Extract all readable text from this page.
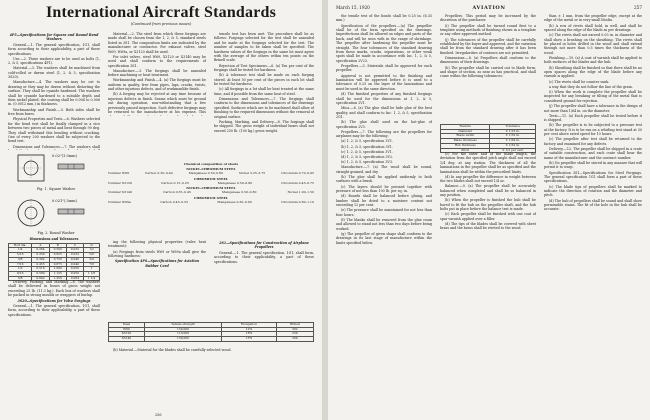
International Aircraft Standards
(Continued from previous issues)

4P5—Specifications for Square and Round Bend Washers

General.—1. The general specification, 1G1, shall form according to their applicability, a part of these specifications.

Use.—2. These washers are to be used as bolts (1, 2, & 5, specifications 4P1).

Material.—3. The washers shall be machined from cold-rolled or drawn steel (1, 2, & 5, specification 3S20).

Manufacture.—4. The washers may be cut to drawing or they may be drawn without distorting the surface. They shall be cyanide hardened. The washers shall be cyanide hardened to a suitable depth and then nickel plated; the coating shall be 0.004 to 0.006 in. (0.0012 mm.) in thickness.

Workmanship and Finish.—5. Both sides shall be free from burrs.

Physical Properties and Tests.—6. Washers selected for the bend test shall be finally clamped in a vice between two pieces of metal and bent through 90 deg. They shall withstand this bending without cracking. One of every 200 washers shall be subjected to the bend test.

Dimensions and Tolerances.—7. The washers shall

0.02"(1.0mm)
Fig. 1. Square Washer
0.021"(.5mm)
Fig. 2. Round Washer
Dimensions and Tolerances
Bolt dia.	A	B	C	D
1/4	0.264	0.500	0.032	1/2
5/16	0.330	0.625	0.032	5/8
3/8	0.392	0.750	0.040	3/4
7/16	0.455	0.875	0.040	7/8
1/2	0.518	1.000	0.050	1
9/16	0.580	1.125	0.050	1 1/8
5/8	0.642	1.250	0.064	1 1/4

Delivery, Packing, and Marking.—8. The washers shall be delivered in boxes of gross weight not exceeding 25 lb. (11.3 kg.). Each box of washers shall be packed in strong moulds or wrappers of burlap.

3S20—Specifications for Valve Forgings

General.—1. The general specification, 1G1, shall form, according to their applicability, a part of these specifications.

Material.—2. The steel from which these forgings are made shall be chosen from the 1, 2, & 5, standard steels listed in 3S1. The composition limits are indicated by the manufacturer or contractor. For exhaust valves, steel W69, W69a, or X3120 shall be used.

For inlet valves, steel W69, X3120 or X3140 may be used and shall conform to the requirements of specification 3S1.

Manufacture.—3. The forgings shall be annealed before machining or heat treatment.

Workmanship and Finish.—4. (a) The forgings must be uniform in quality, free from pipes, laps, cracks, twists, and other injurious defects, and of workmanlike finish.

(b) A forging may be rejected at any time because of injurious defects in finish. Seams which must be ground out during operation, non-withstanding that a few previously passed inspection. Such defective forgings may be returned to the manufacturer at his expense. This

Chemical composition of steels
NICKEL-CHROMIUM STEEL
Number W69	Carbon 0.30–0.40	Manganese 0.50–0.80	Nickel 3.25–3.75	Chromium 0.70–0.95
CHROMIUM STEEL
Number X3120	Carbon 0.15–0.25	Manganese 0.50–0.80	Chromium 0.45–0.75
NICKEL-CHROMIUM STEEL
Number X3140	Carbon 0.35–0.45	Manganese 0.50–0.80	Nickel 1.00–1.50
CHROMIUM STEEL
Number W69a	Carbon 0.45–0.55	Manganese 0.30–0.60	Chromium 0.80–1.10

ing the following physical properties (valve heat treatment):

(a) Forgings from steels W69 or W69a shall give the following hardness:

Specification 4PS—Specifications for Aviation Rubber Cord

tensile test has been met. The procedure shall be as follows: Forgings selected for the test shall be annealed and be made at the forgings selected for the test. The number of samples to be taken shall be specified. The hardness values of the forgings in the same lot must agree with the average of the others within ten points on the Brinell scale.

Rejection of Test Specimens.—6. (a) Ten per cent of the forgings shall be tested for hardness.

(b) A tolerance test shall be made on each forging stored. At least 50 per cent of the pieces in each lot shall be tested for hardness.

(c) All forgings in a lot shall be heat treated at the same time, and if possible from the same heat of steel.

Dimensions and Tolerances.—7. The forgings shall conform to the dimensions and tolerances of the drawings specified. Surfaces which are to be machined shall allow of finishing to the required dimensions without the removal of original surface.

Packing, Marking, and Delivery.—8. The forgings shall be shipped. The gross weight of individual boxes shall not exceed 250 lb. (100 kg.) gross weight.

2S1—Specifications for Construction of Airplane Propellers

General.—1. The general specification, 1G1, shall form, according to their applicability, a part of these specifications.

Steel	Tensile strength	Elongation	Brinell
W69	150,000	12%	302
X3120	110,000	18%	229
X3140	130,000	15%	269

(b) Material.—Material for the blades shall be carefully selected wood.

256
March 15, 1920	AVIATION	257

the tensile test of the bonds shall be 0.25 in. (6.35 mm.)

Specification of the propellers.—(a) The propeller shall be of the form specified on the drawings. Imperfections shall be allowed on edges and parts of the back, and will be seen with in the range of shrinkage. The propeller after hardening the propeller must be straight. The four tolerances of the standard drawing from these marks, cracks, separations, or other weak spots shall be made in accordance with Inc. 1, 2, & 5, specification 2V23.

Propellers.—3. Materials shall be approved for each propeller.

Approval is not permitted to the finishing and lamination will be approved before it is used to a tolerance of 0.25 on the layer of the laminations and must be used in the same direction.

(d) The finished properties of any finished forgings shall be used for the dimensions at 1, 2, & 5, specification 2V1.

Mica.—6. (a) The glue shall be hide glue of the best quality, and shall conform to Inc. 1, 2, & 5, specification 2G1.

(b) The glue shall used on the hot-glue of specification 2V3.

Propellers.—7. The following are the propellers for airplanes may be the following:

(a) 1, 2, & 5, specification 3V1.

(b) 1, 2, & 5, specification 3Y1.

(c) 1, 2, & 5, specification 3V1.

(d) 1, 2, & 5, specification 3V2.

(e) 1, 2, & 5, specification 3V3.

Manufacture.—7. (a) The wood shall be sound, straight grained, and dry.

(b) The glue shall be applied uniformly to both surfaces with a brush.

(c) The layers should be pressed together with pressure of not less than 100 lb. per sq. in.

(d) Boards shall be balanced before gluing, and lumber shall be dried to a moisture content not exceeding 12 per cent.

(e) The pressure shall be maintained for not less than four hours.

(f) The blanks shall be removed from the glue room and allowed to stand not less than two days before being worked.

(g) The propeller of given shape shall conform to the drawings in its last stage of manufacture within the limits specified below.

Propellers. This period may be increased by the discretion of the purchaser.

(i) The propeller shall be turned round first to a template using methods of finishing shown in a template or any other approved method.

(j) The tolerances of the propeller shall be carefully established by the buyer and approved, and the variation shall be from the standard drawing after it has been finished. Irregularities of contours are not permitted.

Dimensions.—8. (a) Propellers shall conform to the dimensions of their drawings.

(b) The propeller shall be carried out to blade form, and shape of section, as near as has practical, and shall come within the following tolerances:

Feature	Tolerance
Diameter	± 1/16 in.
Blade width	± 1/32 in.
Blade thickness	± 1/64 in.
Hub thickness	± 1/32 in.
Pitch	± 1/2 per cent

(c) For the outer half of the blade length, the deviation from the specified pitch angle shall not exceed 1/4 deg. at any station. The thickness of all the laminations in the propeller shall be as specified and the laminations shall be within the prescribed limits.

(d) In any propeller the difference in weight between the two blades shall not exceed 1/4 oz.

Balance.—9. (a) The propeller shall be accurately balanced when completed and shall be so balanced in any position.

(b) When the propeller is finished the hub shall be bored to fit the hub on the propeller shaft, and the hub bolts put in place before the balance test is made.

(c) Each propeller shall be finished with one coat of spar varnish applied over a filler.

(d) The tips of the blades shall be covered with sheet brass and the brass shall be riveted to the wood.

than ± 1 mm. from the propeller edge, except at the edge of the metal or in very small blocks.

(b) A row of rivets shall hold, in well, and shall be spaced along the edge of the blade as per drawings.

(c) The rivets shall not exceed 0.03 in. in diameter and shall show a brushing on the sheathing. The rivets shall be placed in holes drilled in the wood and shall extend through not more than 0.5 times the thickness of the wood.

Finishing.—10. (a) A coat of varnish shall be applied to both surfaces of the blades and the hub.

(b) Sheathing shall be finished so that there shall be no open spaces along the edge of the blade before any varnish is applied.

(c) The rivets shall be counter sunk.

a way that they do not follow the line of the grain.

(i) When the work is complete the propeller shall be inspected for any breaking or tilting of the metal that is considered ground for rejection.

(j) The propeller shall have a tolerance in the design of not more than 1/64 in. on the diameter.

Tests.—11. (a) Each propeller shall be tested before it is shipped.

(b) The propeller is to be subjected to a pressure test at the factory. It is to be run on a whirling test stand at 30 per cent above rated speed for 10 hours.

(c) The propeller after test shall be returned to the factory and examined for any defects.

Delivery.—12. The propeller shall be shipped in a crate of suitable construction, and each crate shall bear the name of the manufacturer and the contract number.

(b) No propeller shall be stored in any manner that will permit it to warp.

Specification 3S1—Specifications for Steel Forgings. The general specification 1G1 shall form a part of these specifications.

(c) The blade tips of propellers shall be marked to indicate the direction of rotation and the diameter and pitch.

(d) The hub of propellers shall be sound and shall show permissible stains. The fit of the hole in the hub shall be accurate.
